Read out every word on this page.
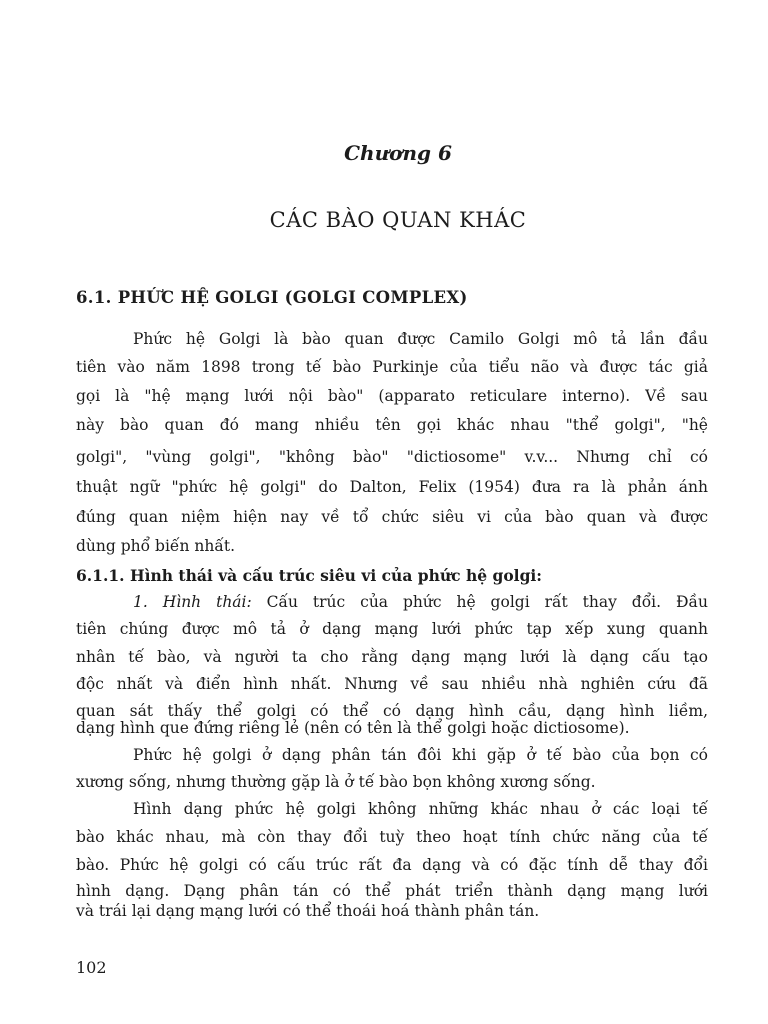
Chương 6
CÁC BÀO QUAN KHÁC
6.1. PHỨC HỆ GOLGI (GOLGI COMPLEX)
Phức hệ Golgi là bào quan được Camilo Golgi mô tả lần đầu
tiên vào năm 1898 trong tế bào Purkinje của tiểu não và được tác giả
gọi là "hệ mạng lưới nội bào" (apparato reticulare interno). Về sau
này bào quan đó mang nhiều tên gọi khác nhau "thể golgi", "hệ
golgi", "vùng golgi", "không bào" "dictiosome" v.v... Nhưng chỉ có
thuật ngữ "phức hệ golgi" do Dalton, Felix (1954) đưa ra là phản ánh
đúng quan niệm hiện nay về tổ chức siêu vi của bào quan và được
dùng phổ biến nhất.
6.1.1. Hình thái và cấu trúc siêu vi của phức hệ golgi:
1. Hình thái: Cấu trúc của phức hệ golgi rất thay đổi. Đầu
tiên chúng được mô tả ở dạng mạng lưới phức tạp xếp xung quanh
nhân tế bào, và người ta cho rằng dạng mạng lưới là dạng cấu tạo
độc nhất và điển hình nhất. Nhưng về sau nhiều nhà nghiên cứu đã
quan sát thấy thể golgi có thể có dạng hình cầu, dạng hình liềm,
dạng hình que đứng riêng lẻ (nên có tên là thể golgi hoặc dictiosome).
Phức hệ golgi ở dạng phân tán đôi khi gặp ở tế bào của bọn có
xương sống, nhưng thường gặp là ở tế bào bọn không xương sống.
Hình dạng phức hệ golgi không những khác nhau ở các loại tế
bào khác nhau, mà còn thay đổi tuỳ theo hoạt tính chức năng của tế
bào. Phức hệ golgi có cấu trúc rất đa dạng và có đặc tính dễ thay đổi
hình dạng. Dạng phân tán có thể phát triển thành dạng mạng lưới
và trái lại dạng mạng lưới có thể thoái hoá thành phân tán.
102
